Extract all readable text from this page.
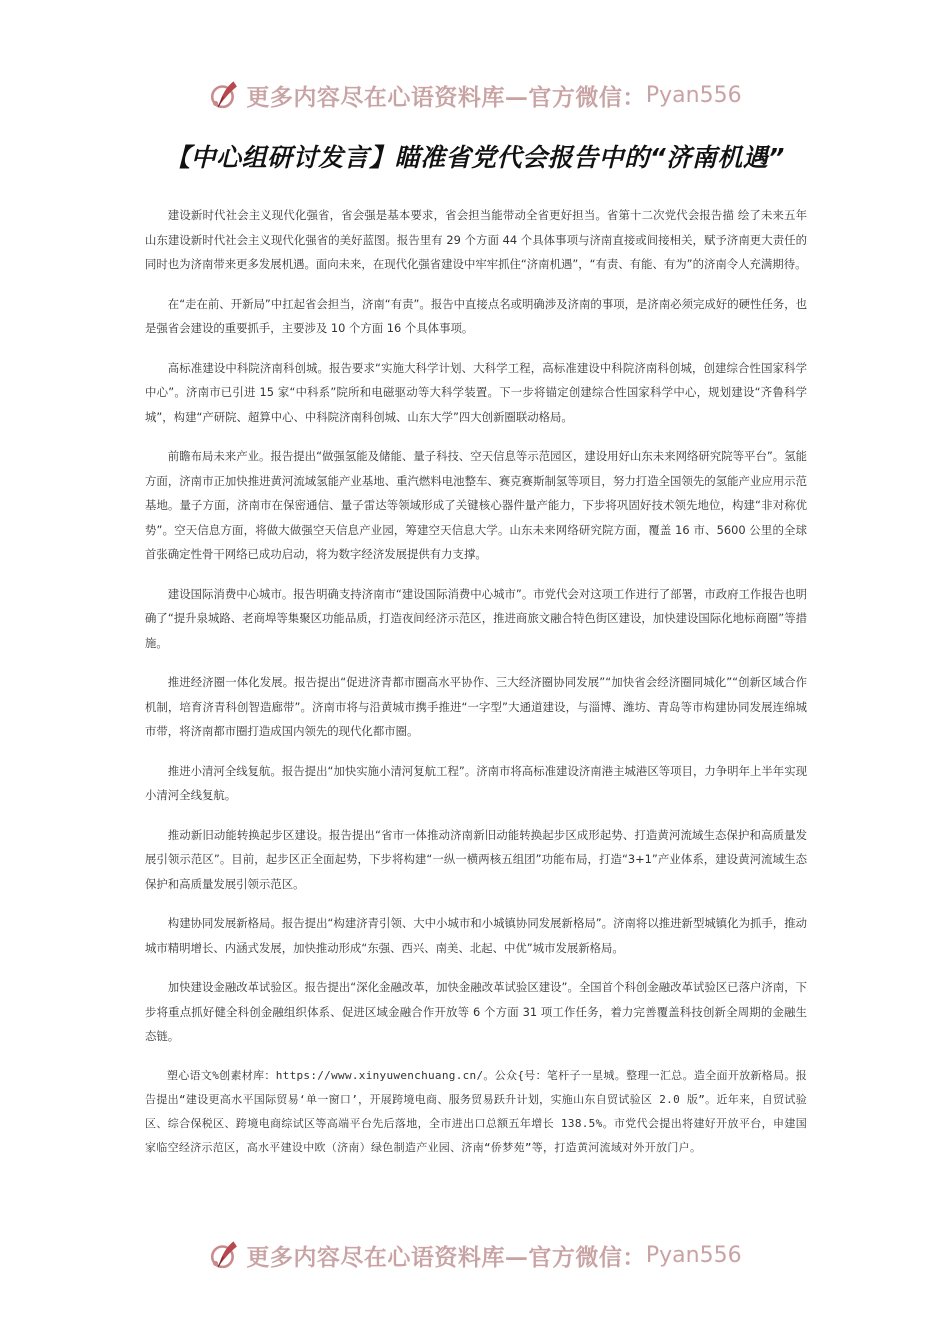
更多内容尽在心语资料库—官方微信： Pyan556
【中心组研讨发言】瞄准省党代会报告中的“济南机遇”

建设新时代社会主义现代化强省，省会强是基本要求，省会担当能带动全省更好担当。省第十二次党代会报告描 绘了未来五年山东建设新时代社会主义现代化强省的美好蓝图。报告里有 29 个方面 44 个具体事项与济南直接或间接相关，赋予济南更大责任的同时也为济南带来更多发展机遇。面向未来，在现代化强省建设中牢牢抓住“济南机遇”，“有责、有能、有为”的济南令人充满期待。

在“走在前、开新局”中扛起省会担当，济南“有责”。报告中直接点名或明确涉及济南的事项，是济南必须完成好的硬性任务，也是强省会建设的重要抓手，主要涉及 10 个方面 16 个具体事项。

高标准建设中科院济南科创城。报告要求“实施大科学计划、大科学工程，高标准建设中科院济南科创城，创建综合性国家科学中心”。济南市已引进 15 家“中科系”院所和电磁驱动等大科学装置。下一步将锚定创建综合性国家科学中心，规划建设“齐鲁科学城”，构建“产研院、超算中心、中科院济南科创城、山东大学”四大创新圈联动格局。

前瞻布局未来产业。报告提出“做强氢能及储能、量子科技、空天信息等示范园区，建设用好山东未来网络研究院等平台”。氢能方面，济南市正加快推进黄河流域氢能产业基地、重汽燃料电池整车、赛克赛斯制氢等项目，努力打造全国领先的氢能产业应用示范基地。量子方面，济南市在保密通信、量子雷达等领域形成了关键核心器件量产能力，下步将巩固好技术领先地位，构建“非对称优势”。空天信息方面，将做大做强空天信息产业园，筹建空天信息大学。山东未来网络研究院方面，覆盖 16 市、5600 公里的全球首张确定性骨干网络已成功启动，将为数字经济发展提供有力支撑。

建设国际消费中心城市。报告明确支持济南市“建设国际消费中心城市”。市党代会对这项工作进行了部署，市政府工作报告也明确了“提升泉城路、老商埠等集聚区功能品质，打造夜间经济示范区，推进商旅文融合特色街区建设，加快建设国际化地标商圈”等措施。

推进经济圈一体化发展。报告提出“促进济青都市圈高水平协作、三大经济圈协同发展”“加快省会经济圈同城化”“创新区域合作机制，培育济青科创智造廊带”。济南市将与沿黄城市携手推进“一字型”大通道建设，与淄博、潍坊、青岛等市构建协同发展连绵城市带，将济南都市圈打造成国内领先的现代化都市圈。

推进小清河全线复航。报告提出“加快实施小清河复航工程”。济南市将高标准建设济南港主城港区等项目，力争明年上半年实现小清河全线复航。

推动新旧动能转换起步区建设。报告提出“省市一体推动济南新旧动能转换起步区成形起势、打造黄河流域生态保护和高质量发展引领示范区”。目前，起步区正全面起势，下步将构建“一纵一横两核五组团”功能布局，打造“3+1”产业体系，建设黄河流域生态保护和高质量发展引领示范区。

构建协同发展新格局。报告提出“构建济青引领、大中小城市和小城镇协同发展新格局”。济南将以推进新型城镇化为抓手，推动城市精明增长、内涵式发展，加快推动形成“东强、西兴、南美、北起、中优”城市发展新格局。

加快建设金融改革试验区。报告提出“深化金融改革，加快金融改革试验区建设”。全国首个科创金融改革试验区已落户济南，下步将重点抓好健全科创金融组织体系、促进区域金融合作开放等 6 个方面 31 项工作任务，着力完善覆盖科技创新全周期的金融生态链。

塑心语文%创素材库：https://www.xinyuwenchuang.cn/。公众{号：笔杆子一星城。整理一汇总。造全面开放新格局。报告提出“建设更高水平国际贸易‘单一窗口’，开展跨境电商、服务贸易跃升计划，实施山东自贸试验区 2.0 版”。近年来，自贸试验区、综合保税区、跨境电商综试区等高端平台先后落地，全市进出口总额五年增长 138.5%。市党代会提出将建好开放平台，申建国家临空经济示范区，高水平建设中欧（济南）绿色制造产业园、济南“侨梦苑”等，打造黄河流域对外开放门户。

更多内容尽在心语资料库—官方微信： Pyan556
